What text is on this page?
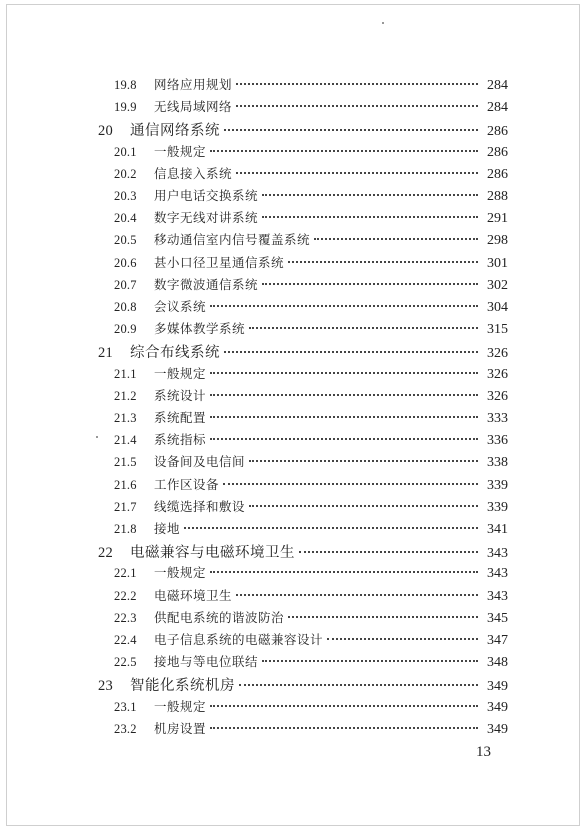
19.8	网络应用规划	284
19.9	无线局域网络	284
20	通信网络系统	286
20.1	一般规定	286
20.2	信息接入系统	286
20.3	用户电话交换系统	288
20.4	数字无线对讲系统	291
20.5	移动通信室内信号覆盖系统	298
20.6	甚小口径卫星通信系统	301
20.7	数字微波通信系统	302
20.8	会议系统	304
20.9	多媒体教学系统	315
21	综合布线系统	326
21.1	一般规定	326
21.2	系统设计	326
21.3	系统配置	333
21.4	系统指标	336
21.5	设备间及电信间	338
21.6	工作区设备	339
21.7	线缆选择和敷设	339
21.8	接地	341
22	电磁兼容与电磁环境卫生	343
22.1	一般规定	343
22.2	电磁环境卫生	343
22.3	供配电系统的谐波防治	345
22.4	电子信息系统的电磁兼容设计	347
22.5	接地与等电位联结	348
23	智能化系统机房	349
23.1	一般规定	349
23.2	机房设置	349
13
